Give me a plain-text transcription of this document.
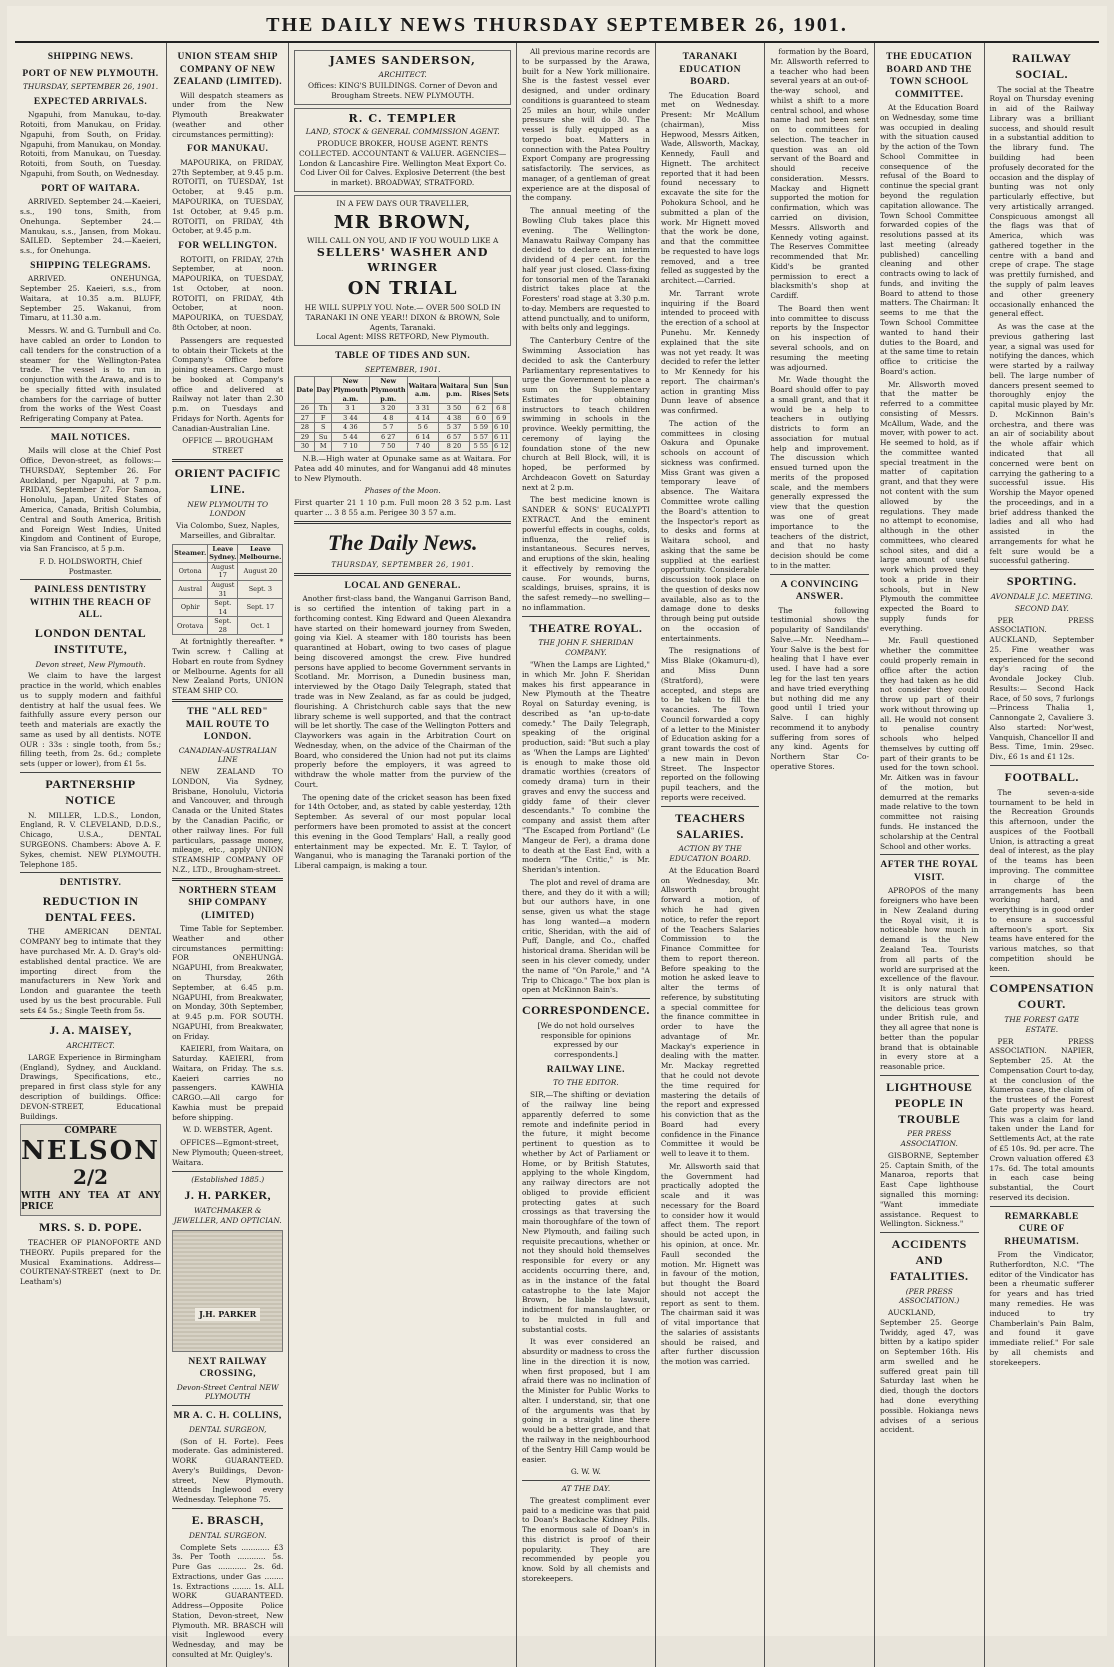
THE DAILY NEWS THURSDAY SEPTEMBER 26, 1901.
SHIPPING NEWS.
PORT OF NEW PLYMOUTH.
THURSDAY, SEPTEMBER 26, 1901.
EXPECTED ARRIVALS.

Ngapuhi, from Manukau, to-day. Rotoiti, from Manukau, on Friday. Ngapuhi, from South, on Friday. Ngapuhi, from Manukau, on Monday. Rotoiti, from Manukau, on Tuesday. Rotoiti, from South, on Tuesday. Ngapuhi, from South, on Wednesday.

PORT OF WAITARA.

ARRIVED. September 24.—Kaeieri, s.s., 190 tons, Smith, from Onehunga. September 24.—Manukau, s.s., Jansen, from Mokau. SAILED. September 24.—Kaeieri, s.s., for Onehunga.

SHIPPING TELEGRAMS.

ARRIVED. ONEHUNGA, September 25. Kaeieri, s.s., from Waitara, at 10.35 a.m. BLUFF, September 25. Wakanui, from Timaru, at 11.30 a.m.

Messrs. W. and G. Turnbull and Co. have cabled an order to London to call tenders for the construction of a steamer for the Wellington-Patea trade. The vessel is to run in conjunction with the Arawa, and is to be specially fitted with insulated chambers for the carriage of butter from the works of the West Coast Refrigerating Company at Patea.

MAIL NOTICES.

Mails will close at the Chief Post Office, Devon-street, as follows:— THURSDAY, September 26. For Auckland, per Ngapuhi, at 7 p.m. FRIDAY, September 27. For Samoa, Honolulu, Japan, United States of America, Canada, British Columbia, Central and South America, British and Foreign West Indies, United Kingdom and Continent of Europe, via San Francisco, at 5 p.m.

F. D. HOLDSWORTH, Chief Postmaster.

PAINLESS DENTISTRY WITHIN THE REACH OF ALL.
LONDON DENTAL INSTITUTE,
Devon street, New Plymouth.

We claim to have the largest practice in the world, which enables us to supply modern and faithful dentistry at half the usual fees. We faithfully assure every person our teeth and materials are exactly the same as used by all dentists. NOTE OUR : 33s : single tooth, from 5s.; filling teeth, from 2s. 6d.; complete sets (upper or lower), from £1 5s.

PARTNERSHIP NOTICE

N. MILLER, L.D.S., London, England, R. V. CLEVELAND, D.D.S., Chicago, U.S.A., DENTAL SURGEONS. Chambers: Above A. F. Sykes, chemist. NEW PLYMOUTH. Telephone 185.

DENTISTRY.
REDUCTION IN DENTAL FEES.

THE AMERICAN DENTAL COMPANY beg to intimate that they have purchased Mr. A. D. Gray's old-established dental practice. We are importing direct from the manufacturers in New York and London and guarantee the teeth used by us the best procurable. Full sets £4 5s.; Single Teeth from 5s.

J. A. MAISEY,
ARCHITECT.

LARGE Experience in Birmingham (England), Sydney, and Auckland. Drawings, Specifications, etc., prepared in first class style for any description of buildings. Office: DEVON-STREET, Educational Buildings.

COMPARE
NELSON
2/2
WITH ANY TEA AT ANY PRICE
MRS. S. D. POPE.

TEACHER OF PIANOFORTE AND THEORY. Pupils prepared for the Musical Examinations. Address— COURTENAY-STREET (next to Dr. Leatham's)

UNION STEAM SHIP COMPANY OF NEW ZEALAND (LIMITED).

Will despatch steamers as under from the New Plymouth Breakwater (weather and other circumstances permitting):

FOR MANUKAU.

MAPOURIKA, on FRIDAY, 27th September, at 9.45 p.m. ROTOITI, on TUESDAY, 1st October, at 9.45 p.m. MAPOURIKA, on TUESDAY, 1st October, at 9.45 p.m. ROTOITI, on FRIDAY, 4th October, at 9.45 p.m.

FOR WELLINGTON.

ROTOITI, on FRIDAY, 27th September, at noon. MAPOURIKA, on TUESDAY, 1st October, at noon. ROTOITI, on FRIDAY, 4th October, at noon. MAPOURIKA, on TUESDAY, 8th October, at noon.

Passengers are requested to obtain their Tickets at the Company's Office before joining steamers. Cargo must be booked at Company's office and delivered at Railway not later than 2.30 p.m. on Tuesdays and Fridays for North. Agents for Canadian-Australian Line.

OFFICE — BROUGHAM STREET

ORIENT PACIFIC LINE.
NEW PLYMOUTH TO LONDON

Via Colombo, Suez, Naples, Marseilles, and Gibraltar.

Steamer.	Leave Sydney.	Leave Melbourne.
Ortona	August 17	August 20
Austral	August 31	Sept. 3
Ophir	Sept. 14	Sept. 17
Orotava	Sept. 28	Oct. 1

At fortnightly thereafter. * Twin screw. † Calling at Hobart en route from Sydney or Melbourne. Agents for all New Zealand Ports, UNION STEAM SHIP CO.

THE "ALL RED" MAIL ROUTE TO LONDON.
CANADIAN-AUSTRALIAN LINE

NEW ZEALAND TO LONDON, Via Sydney, Brisbane, Honolulu, Victoria and Vancouver, and through Canada or the United States by the Canadian Pacific, or other railway lines. For full particulars, passage money, mileage, etc., apply UNION STEAMSHIP COMPANY OF N.Z., LTD., Brougham-street.

NORTHERN STEAM SHIP COMPANY (LIMITED)

Time Table for September. Weather and other circumstances permitting: FOR ONEHUNGA. NGAPUHI, from Breakwater, on Thursday, 26th September, at 6.45 p.m. NGAPUHI, from Breakwater, on Monday, 30th September, at 9.45 p.m. FOR SOUTH. NGAPUHI, from Breakwater, on Friday.

KAEIERI, from Waitara, on Saturday. KAEIERI, from Waitara, on Friday. The s.s. Kaeieri carries no passengers. KAWHIA CARGO.—All cargo for Kawhia must be prepaid before shipping.

W. D. WEBSTER, Agent.

OFFICES—Egmont-street, New Plymouth; Queen-street, Waitara.

(Established 1885.)
J. H. PARKER,
WATCHMAKER & JEWELLER, AND OPTICIAN.
J.H. PARKER
NEXT RAILWAY CROSSING,
Devon-Street Central NEW PLYMOUTH
MR A. C. H. COLLINS,
DENTAL SURGEON,

(Son of H. Forte). Fees moderate. Gas administered. WORK GUARANTEED. Avery's Buildings, Devon-street, New Plymouth. Attends Inglewood every Wednesday. Telephone 75.

E. BRASCH,
DENTAL SURGEON.

Complete Sets ............ £3 3s. Per Tooth ............ 5s. Pure Gas ............ 2s. 6d. Extractions, under Gas ........ 1s. Extractions ........ 1s. ALL WORK GUARANTEED. Address—Opposite Police Station, Devon-street, New Plymouth. MR. BRASCH will visit Inglewood every Wednesday, and may be consulted at Mr. Quigley's.

JAMES SANDERSON,
ARCHITECT.
Offices: KING'S BUILDINGS. Corner of Devon and Brougham Streets. NEW PLYMOUTH.
R. C. TEMPLER
LAND, STOCK & GENERAL COMMISSION AGENT.
PRODUCE BROKER, HOUSE AGENT. RENTS COLLECTED. ACCOUNTANT & VALUER. AGENCIES— London & Lancashire Fire. Wellington Meat Export Co. Cod Liver Oil for Calves. Explosive Deterrent (the best in market). BROADWAY, STRATFORD.
IN A FEW DAYS OUR TRAVELLER,
MR BROWN,
WILL CALL ON YOU, AND IF YOU WOULD LIKE A
SELLERS' WASHER AND WRINGER
ON TRIAL
HE WILL SUPPLY YOU. Note.— OVER 500 SOLD IN TARANAKI IN ONE YEAR!! DIXON & BROWN, Sole Agents, Taranaki.
Local Agent: MISS RETFORD, New Plymouth.
TABLE OF TIDES AND SUN.
SEPTEMBER, 1901.
Date	Day	New Plymouth a.m.	New Plymouth p.m.	Waitara a.m.	Waitara p.m.	Sun Rises	Sun Sets
26	Th	3 1	3 20	3 31	3 50	6 2	6 8
27	F	3 44	4 8	4 14	4 38	6 0	6 9
28	S	4 36	5 7	5 6	5 37	5 59	6 10
29	Su	5 44	6 27	6 14	6 57	5 57	6 11
30	M	7 10	7 50	7 40	8 20	5 55	6 12

N.B.—High water at Opunake same as at Waitara. For Patea add 40 minutes, and for Wanganui add 48 minutes to New Plymouth.

Phases of the Moon.

First quarter 21 1 10 p.m. Full moon 28 3 52 p.m. Last quarter ... 3 8 55 a.m. Perigee 30 3 57 a.m.

The Daily News.
THURSDAY, SEPTEMBER 26, 1901.
LOCAL AND GENERAL.

Another first-class band, the Wanganui Garrison Band, is so certified the intention of taking part in a forthcoming contest. King Edward and Queen Alexandra have started on their homeward journey from Sweden, going via Kiel. A steamer with 180 tourists has been quarantined at Hobart, owing to two cases of plague being discovered amongst the crew. Five hundred persons have applied to become Government servants in Scotland. Mr. Morrison, a Dunedin business man, interviewed by the Otago Daily Telegraph, stated that trade was in New Zealand, as far as could be judged, flourishing. A Christchurch cable says that the new library scheme is well supported, and that the contract will be let shortly. The case of the Wellington Potters and Clayworkers was again in the Arbitration Court on Wednesday, when, on the advice of the Chairman of the Board, who considered the Union had not put its claims properly before the employers, it was agreed to withdraw the whole matter from the purview of the Court.

The opening date of the cricket season has been fixed for 14th October, and, as stated by cable yesterday, 12th September. As several of our most popular local performers have been promoted to assist at the concert this evening in the Good Templars' Hall, a really good entertainment may be expected. Mr. E. T. Taylor, of Wanganui, who is managing the Taranaki portion of the Liberal campaign, is making a tour.

All previous marine records are to be surpassed by the Arawa, built for a New York millionaire. She is the fastest vessel ever designed, and under ordinary conditions is guaranteed to steam 25 miles an hour, while under pressure she will do 30. The vessel is fully equipped as a torpedo boat. Matters in connection with the Patea Poultry Export Company are progressing satisfactorily. The services, as manager, of a gentleman of great experience are at the disposal of the company.

The annual meeting of the Bowling Club takes place this evening. The Wellington-Manawatu Railway Company has decided to declare an interim dividend of 4 per cent. for the half year just closed. Class-fixing for tonsorial men of the Taranaki district takes place at the Foresters' road stage at 3.30 p.m. to-day. Members are requested to attend punctually, and to uniform, with belts only and leggings.

The Canterbury Centre of the Swimming Association has decided to ask the Canterbury Parliamentary representatives to urge the Government to place a sum on the Supplementary Estimates for obtaining instructors to teach children swimming in schools in the province. Weekly permitting, the ceremony of laying the foundation stone of the new church at Bell Block, will, it is hoped, be performed by Archdeacon Govett on Saturday next at 2 p.m.

The best medicine known is SANDER & SONS' EUCALYPTI EXTRACT. And the eminent powerful effects in coughs, colds, influenza, the relief is instantaneous. Secures nerves, and eruptions of the skin, healing it effectively by removing the cause. For wounds, burns, scaldings, bruises, sprains, it is the safest remedy—no swelling—no inflammation.

THEATRE ROYAL.
THE JOHN F. SHERIDAN COMPANY.

"When the Lamps are Lighted," in which Mr. John F. Sheridan makes his first appearance in New Plymouth at the Theatre Royal on Saturday evening, is described as "an up-to-date comedy." The Daily Telegraph, speaking of the original production, said: "But such a play as 'When the Lamps are Lighted' is enough to make those old dramatic worthies (creators of comedy drama) turn in their graves and envy the success and giddy fame of their clever descendants." To combine the company and assist them after "The Escaped from Portland" (Le Mangeur de Fer), a drama done to death at the East End, with a modern "The Critic," is Mr. Sheridan's intention.

The plot and revel of drama are there, and they do it with a will; but our authors have, in one sense, given us what the stage has long wanted—a modern critic, Sheridan, with the aid of Puff, Dangle, and Co., chaffed historical drama. Sheridan will be seen in his clever comedy, under the name of "On Parole," and "A Trip to Chicago." The box plan is open at McKinnon Bain's.

CORRESPONDENCE.

[We do not hold ourselves responsible for opinions expressed by our correspondents.]

RAILWAY LINE.
TO THE EDITOR.

SIR,—The shifting or deviation of the railway line being apparently deferred to some remote and indefinite period in the future, it might become pertinent to question as to whether by Act of Parliament or Home, or by British Statutes, applying to the whole Kingdom, any railway directors are not obliged to provide efficient protecting gates at such crossings as that traversing the main thoroughfare of the town of New Plymouth, and failing such requisite precautions, whether or not they should hold themselves responsible for every or any accidents occurring there, and, as in the instance of the fatal catastrophe to the late Major Brown, be liable to lawsuit, indictment for manslaughter, or to be mulcted in full and substantial costs.

It was ever considered an absurdity or madness to cross the line in the direction it is now, when first proposed, but I am afraid there was no inclination of the Minister for Public Works to alter. I understand, sir, that one of the arguments was that by going in a straight line there would be a better grade, and that the railway in the neighbourhood of the Sentry Hill Camp would be easier.

G. W. W.

AT THE DAY.

The greatest compliment ever paid to a medicine was that paid to Doan's Backache Kidney Pills. The enormous sale of Doan's in this district is proof of their popularity. They are recommended by people you know. Sold by all chemists and storekeepers.

TARANAKI EDUCATION BOARD.

The Education Board met on Wednesday. Present: Mr McAllum (chairman), Miss Hepwood, Messrs Aitken, Wade, Allsworth, Mackay, Kennedy, Faull and Hignett. The architect reported that it had been found necessary to excavate the site for the Pohokura School, and he submitted a plan of the work. Mr Hignett moved that the work be done, and that the committee be requested to have logs removed, and a tree felled as suggested by the architect.—Carried.

Mr. Tarrant wrote inquiring if the Board intended to proceed with the erection of a school at Punehu. Mr. Kennedy explained that the site was not yet ready. It was decided to refer the letter to Mr Kennedy for his report. The chairman's action in granting Miss Dunn leave of absence was confirmed.

The action of the committees in closing Oakura and Opunake schools on account of sickness was confirmed. Miss Grant was given a temporary leave of absence. The Waitara Committee wrote calling the Board's attention to the Inspector's report as to desks and forms at Waitara school, and asking that the same be supplied at the earliest opportunity. Considerable discussion took place on the question of desks now available, also as to the damage done to desks through being put outside on the occasion of entertainments.

The resignations of Miss Blake (Okamuru-d), and Miss Dunn (Stratford), were accepted, and steps are to be taken to fill the vacancies. The Town Council forwarded a copy of a letter to the Minister of Education asking for a grant towards the cost of a new main in Devon Street. The Inspector reported on the following pupil teachers, and the reports were received.

TEACHERS SALARIES.
ACTION BY THE EDUCATION BOARD.

At the Education Board on Wednesday, Mr. Allsworth brought forward a motion, of which he had given notice, to refer the report of the Teachers Salaries Commission to the Finance Committee for them to report thereon. Before speaking to the motion he asked leave to alter the terms of reference, by substituting a special committee for the finance committee in order to have the advantage of Mr. Mackay's experience in dealing with the matter. Mr. Mackay regretted that he could not devote the time required for mastering the details of the report and expressed his conviction that as the Board had every confidence in the Finance Committee it would be well to leave it to them.

Mr. Allsworth said that the Government had practically adopted the scale and it was necessary for the Board to consider how it would affect them. The report should be acted upon, in his opinion, at once. Mr. Faull seconded the motion. Mr. Hignett was in favour of the motion, but thought the Board should not accept the report as sent to them. The chairman said it was of vital importance that the salaries of assistants should be raised, and after further discussion the motion was carried.

formation by the Board, Mr. Allsworth referred to a teacher who had been several years at an out-of-the-way school, and whilst a shift to a more central school, and whose name had not been sent on to committees for selection. The teacher in question was an old servant of the Board and should receive consideration. Messrs. Mackay and Hignett supported the motion for confirmation, which was carried on division, Messrs. Allsworth and Kennedy voting against. The Reserves Committee recommended that Mr. Kidd's be granted permission to erect a blacksmith's shop at Cardiff.

The Board then went into committee to discuss reports by the Inspector on his inspection of several schools, and on resuming the meeting was adjourned.

Mr. Wade thought the Board should offer to pay a small grant, and that it would be a help to teachers in outlying districts to form an association for mutual help and improvement. The discussion which ensued turned upon the merits of the proposed scale, and the members generally expressed the view that the question was one of great importance to the teachers of the district, and that no hasty decision should be come to in the matter.

A CONVINCING ANSWER.

The following testimonial shows the popularity of Sandilands' Salve.—Mr. Needham—Your Salve is the best for healing that I have ever used. I have had a sore leg for the last ten years and have tried everything but nothing did me any good until I tried your Salve. I can highly recommend it to anybody suffering from sores of any kind. Agents for Northern Star Co-operative Stores.

THE EDUCATION BOARD AND THE TOWN SCHOOL COMMITTEE.

At the Education Board on Wednesday, some time was occupied in dealing with the situation caused by the action of the Town School Committee in consequence of the refusal of the Board to continue the special grant beyond the regulation capitation allowance. The Town School Committee forwarded copies of the resolutions passed at its last meeting (already published) cancelling cleaning and other contracts owing to lack of funds, and inviting the Board to attend to those matters. The Chairman: It seems to me that the Town School Committee wanted to hand their duties to the Board, and at the same time to retain office to criticise the Board's action.

Mr. Allsworth moved that the matter be referred to a committee consisting of Messrs. McAllum, Wade, and the mover, with power to act. He seemed to hold, as if the committee wanted special treatment in the matter of capitation grant, and that they were not content with the sum allowed by the regulations. They made no attempt to economise, although in the other committees, who cleared school sites, and did a large amount of useful work which proved they took a pride in their schools, but in New Plymouth the committee expected the Board to supply funds for everything.

Mr. Faull questioned whether the committee could properly remain in office after the action they had taken as he did not consider they could throw up part of their work without throwing up all. He would not consent to penalise country schools who helped themselves by cutting off part of their grants to be used for the town school. Mr. Aitken was in favour of the motion, but demurred at the remarks made relative to the town committee not raising funds. He instanced the scholarship at the Central School and other works.

AFTER THE ROYAL VISIT.

APROPOS of the many foreigners who have been in New Zealand during the Royal visit, it is noticeable how much in demand is the New Zealand Tea. Tourists from all parts of the world are surprised at the excellence of the flavour. It is only natural that visitors are struck with the delicious teas grown under British rule, and they all agree that none is better than the popular brand that is obtainable in every store at a reasonable price.

LIGHTHOUSE PEOPLE IN TROUBLE
PER PRESS ASSOCIATION.

GISBORNE, September 25. Captain Smith, of the Manaroa, reports that East Cape lighthouse signalled this morning: "Want immediate assistance. Request to Wellington. Sickness."

ACCIDENTS AND FATALITIES.
(PER PRESS ASSOCIATION.)

AUCKLAND, September 25. George Twiddy, aged 47, was bitten by a katipo spider on September 16th. His arm swelled and he suffered great pain till Saturday last when he died, though the doctors had done everything possible. Hokianga news advises of a serious accident.

RAILWAY SOCIAL.

The social at the Theatre Royal on Thursday evening in aid of the Railway Library was a brilliant success, and should result in a substantial addition to the library fund. The building had been profusely decorated for the occasion and the display of bunting was not only particularly effective, but very artistically arranged. Conspicuous amongst all the flags was that of America, which was gathered together in the centre with a band and crepe of crape. The stage was prettily furnished, and the supply of palm leaves and other greenery occasionally enhanced the general effect.

As was the case at the previous gathering last year, a signal was used for notifying the dances, which were started by a railway bell. The large number of dancers present seemed to thoroughly enjoy the capital music played by Mr. D. McKinnon Bain's orchestra, and there was an air of sociability about the whole affair which indicated that all concerned were bent on carrying the gathering to a successful issue. His Worship the Mayor opened the proceedings, and in a brief address thanked the ladies and all who had assisted in the arrangements for what he felt sure would be a successful gathering.

SPORTING.
AVONDALE J.C. MEETING.
SECOND DAY.

PER PRESS ASSOCIATION. AUCKLAND, September 25. Fine weather was experienced for the second day's racing of the Avondale Jockey Club. Results:— Second Hack Race, of 50 sovs, 7 furlongs—Princess Thalia 1, Cannongate 2, Cavaliere 3. Also started: Nor'west, Vanquish, Chancellor II and Bess. Time, 1min. 29sec. Div., £6 1s and £1 12s.

FOOTBALL.

The seven-a-side tournament to be held in the Recreation Grounds this afternoon, under the auspices of the Football Union, is attracting a great deal of interest, as the play of the teams has been improving. The committee in charge of the arrangements has been working hard, and everything is in good order to ensure a successful afternoon's sport. Six teams have entered for the various matches, so that competition should be keen.

COMPENSATION COURT.
THE FOREST GATE ESTATE.

PER PRESS ASSOCIATION. NAPIER, September 25. At the Compensation Court to-day, at the conclusion of the Kumeroa case, the claim of the trustees of the Forest Gate property was heard. This was a claim for land taken under the Land for Settlements Act, at the rate of £5 10s. 9d. per acre. The Crown valuation offered £3 17s. 6d. The total amounts in each case being substantial, the Court reserved its decision.

REMARKABLE CURE OF RHEUMATISM.

From the Vindicator, Rutherfordton, N.C. "The editor of the Vindicator has been a rheumatic sufferer for years and has tried many remedies. He was induced to try Chamberlain's Pain Balm, and found it gave immediate relief." For sale by all chemists and storekeepers.
